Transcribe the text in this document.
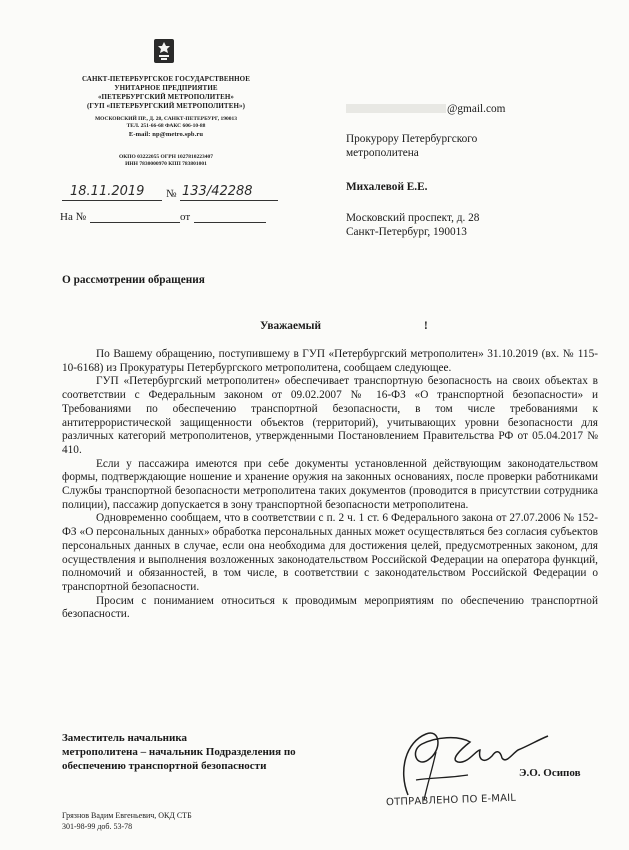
САНКТ-ПЕТЕРБУРГСКОЕ ГОСУДАРСТВЕННОЕ
УНИТАРНОЕ ПРЕДПРИЯТИЕ
«ПЕТЕРБУРГСКИЙ МЕТРОПОЛИТЕН»
(ГУП «ПЕТЕРБУРГСКИЙ МЕТРОПОЛИТЕН»)
МОСКОВСКИЙ ПР., Д. 28, САНКТ-ПЕТЕРБУРГ, 190013
ТЕЛ. 251-66-68 ФАКС 606-10-88
E-mail: np@metro.spb.ru
ОКПО 03222055 ОГРН 1027810223407
ИНН 7830000970 КПП 783801001
18.11.2019 № 133/42288
На №	от
@gmail.com
Прокурору Петербургского
метрополитена
Михалевой Е.Е.
Московский проспект, д. 28
Санкт-Петербург, 190013
О рассмотрении обращения
Уважаемый	!

По Вашему обращению, поступившему в ГУП «Петербургский метрополитен» 31.10.2019 (вх. № 115-10-6168) из Прокуратуры Петербургского метрополитена, сообщаем следующее.

ГУП «Петербургский метрополитен» обеспечивает транспортную безопасность на своих объектах в соответствии с Федеральным законом от 09.02.2007 № 16-ФЗ «О транспортной безопасности» и Требованиями по обеспечению транспортной безопасности, в том числе требованиями к антитеррористической защищенности объектов (территорий), учитывающих уровни безопасности для различных категорий метрополитенов, утвержденными Постановлением Правительства РФ от 05.04.2017 № 410.

Если у пассажира имеются при себе документы установленной действующим законодательством формы, подтверждающие ношение и хранение оружия на законных основаниях, после проверки работниками Службы транспортной безопасности метрополитена таких документов (проводится в присутствии сотрудника полиции), пассажир допускается в зону транспортной безопасности метрополитена.

Одновременно сообщаем, что в соответствии с п. 2 ч. 1 ст. 6 Федерального закона от 27.07.2006 № 152-ФЗ «О персональных данных» обработка персональных данных может осуществляться без согласия субъектов персональных данных в случае, если она необходима для достижения целей, предусмотренных законом, для осуществления и выполнения возложенных законодательством Российской Федерации на оператора функций, полномочий и обязанностей, в том числе, в соответствии с законодательством Российской Федерации о транспортной безопасности.

Просим с пониманием относиться к проводимым мероприятиям по обеспечению транспортной безопасности.

Заместитель начальника
метрополитена – начальник Подразделения по
обеспечению транспортной безопасности
Э.О. Осипов
ОТПРАВЛЕНО ПО E-MAIL
Грязнов Вадим Евгеньевич, ОКД СТБ
301-98-99 доб. 53-78
